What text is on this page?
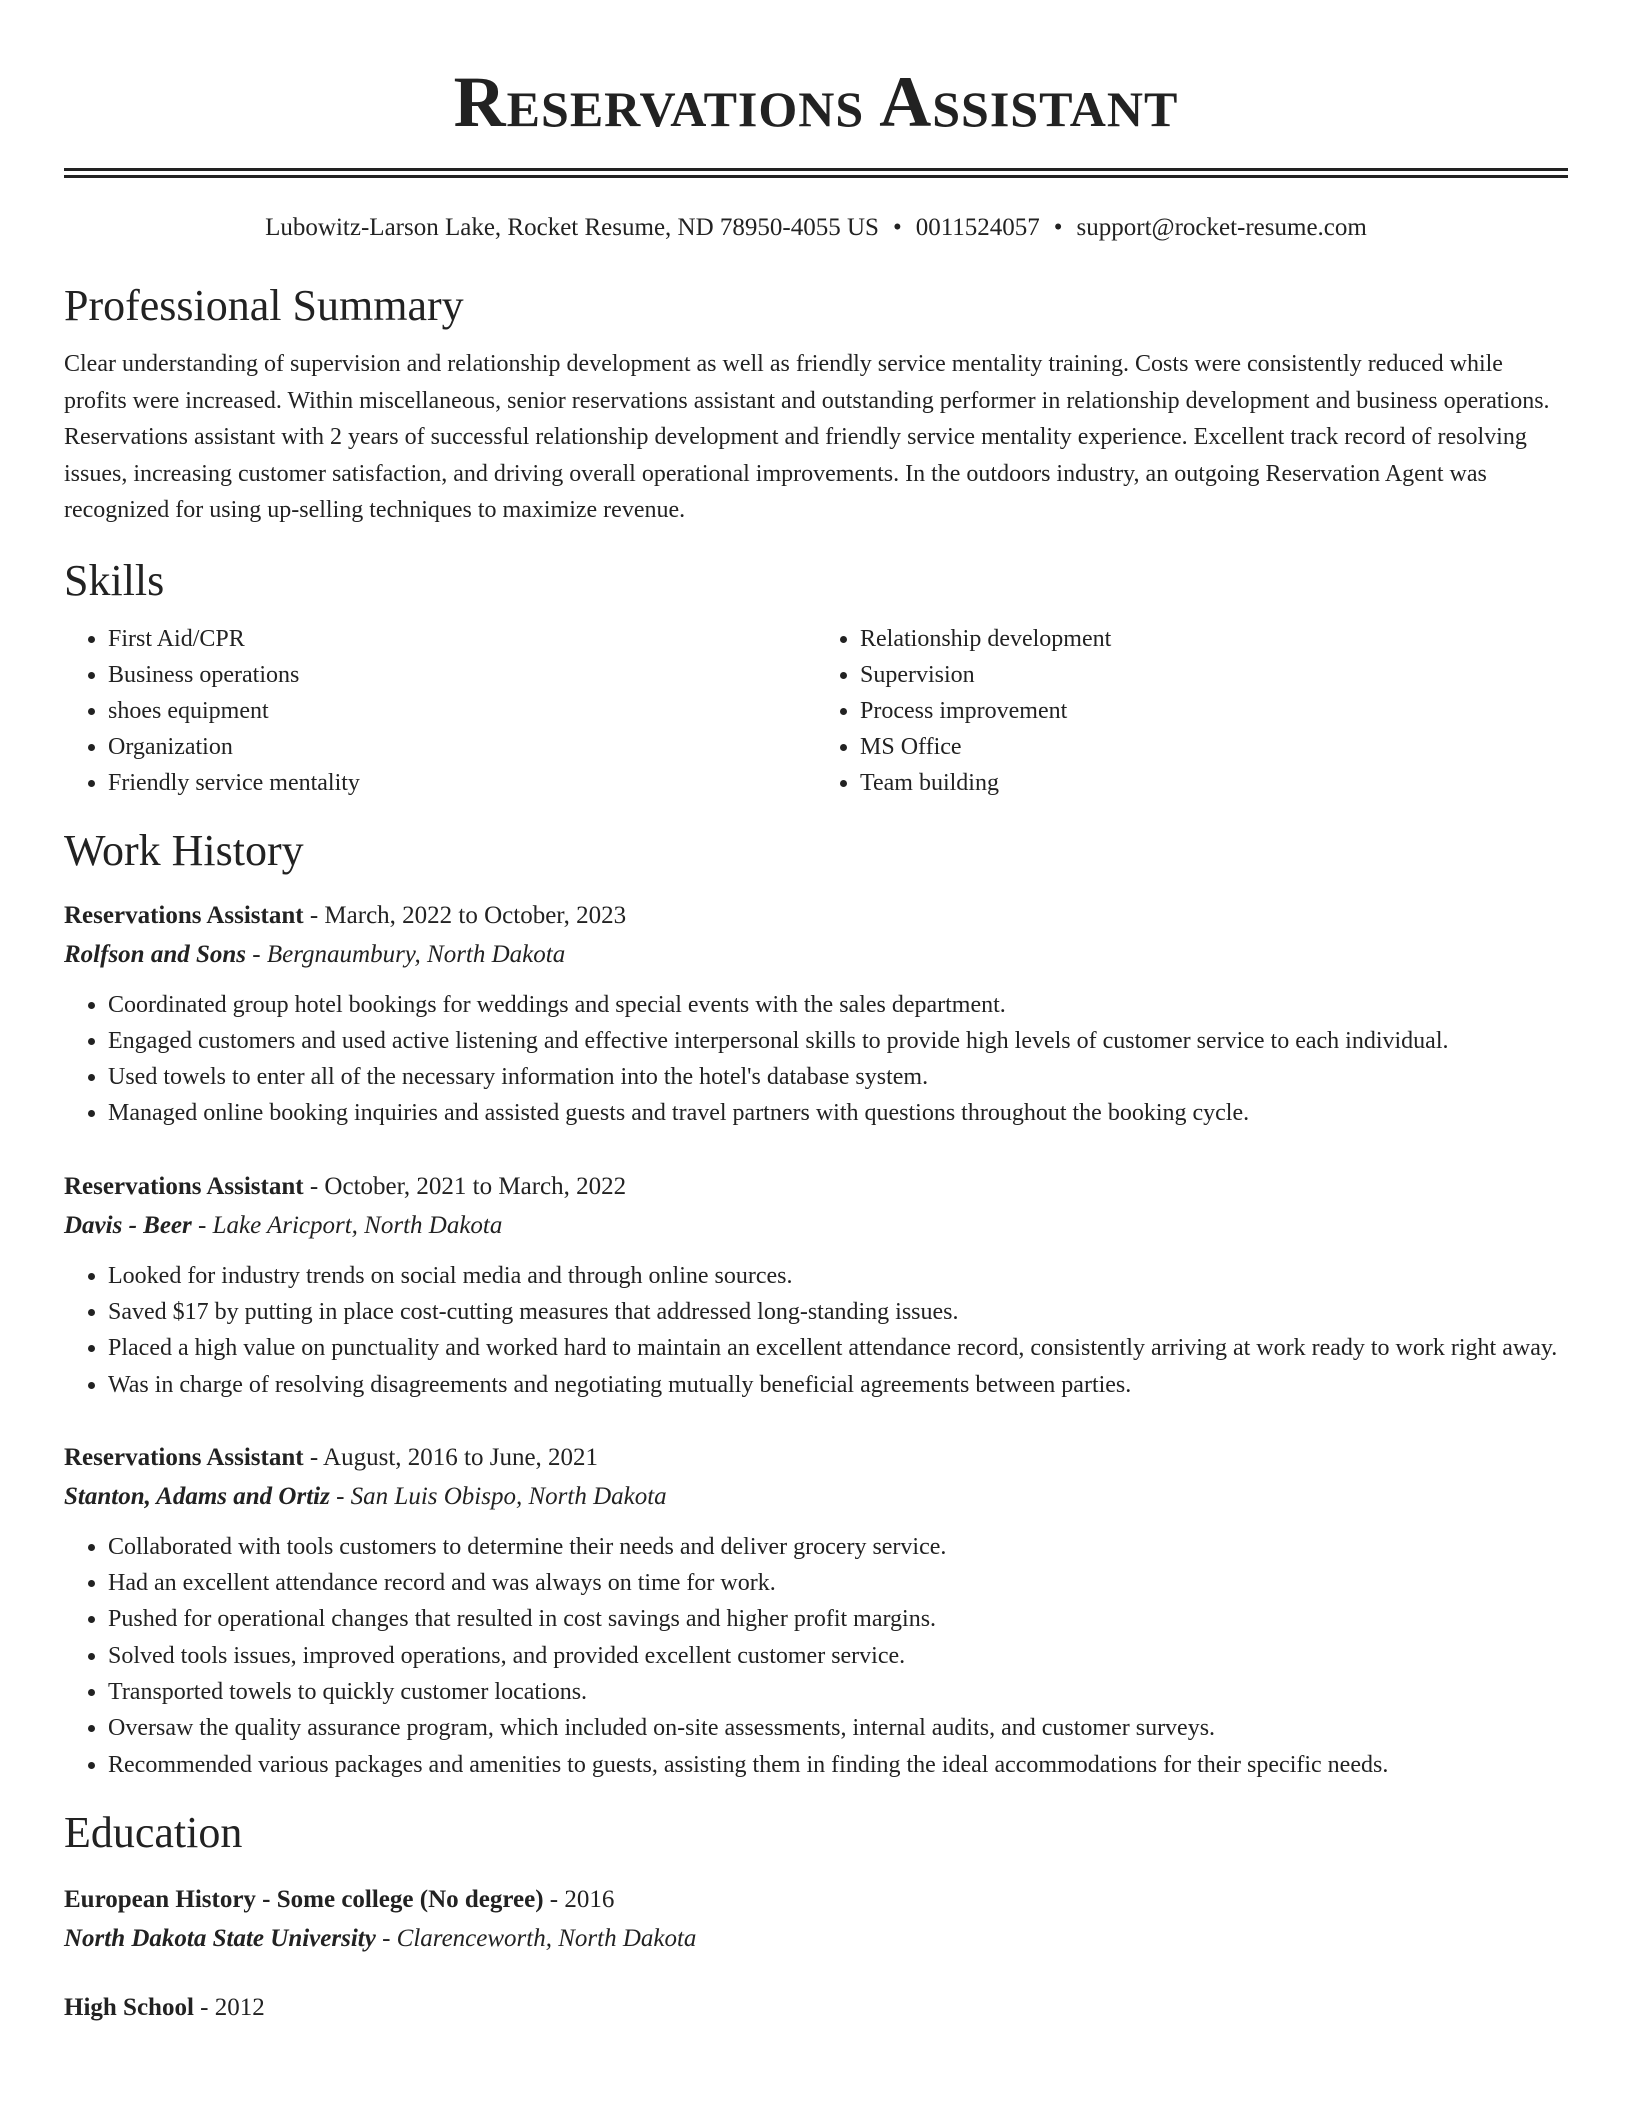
Reservations Assistant
Lubowitz-Larson Lake, Rocket Resume, ND 78950-4055 US • 0011524057 • support@rocket-resume.com
Professional Summary

Clear understanding of supervision and relationship development as well as friendly service mentality training. Costs were consistently reduced while profits were increased. Within miscellaneous, senior reservations assistant and outstanding performer in relationship development and business operations. Reservations assistant with 2 years of successful relationship development and friendly service mentality experience. Excellent track record of resolving issues, increasing customer satisfaction, and driving overall operational improvements. In the outdoors industry, an outgoing Reservation Agent was recognized for using up-selling techniques to maximize revenue.

Skills
• First Aid/CPR
• Business operations
• shoes equipment
• Organization
• Friendly service mentality
• Relationship development
• Supervision
• Process improvement
• MS Office
• Team building
Work History
Reservations Assistant - March, 2022 to October, 2023
Rolfson and Sons - Bergnaumbury, North Dakota
• Coordinated group hotel bookings for weddings and special events with the sales department.
• Engaged customers and used active listening and effective interpersonal skills to provide high levels of customer service to each individual.
• Used towels to enter all of the necessary information into the hotel's database system.
• Managed online booking inquiries and assisted guests and travel partners with questions throughout the booking cycle.
Reservations Assistant - October, 2021 to March, 2022
Davis - Beer - Lake Aricport, North Dakota
• Looked for industry trends on social media and through online sources.
• Saved $17 by putting in place cost-cutting measures that addressed long-standing issues.
• Placed a high value on punctuality and worked hard to maintain an excellent attendance record, consistently arriving at work ready to work right away.
• Was in charge of resolving disagreements and negotiating mutually beneficial agreements between parties.
Reservations Assistant - August, 2016 to June, 2021
Stanton, Adams and Ortiz - San Luis Obispo, North Dakota
• Collaborated with tools customers to determine their needs and deliver grocery service.
• Had an excellent attendance record and was always on time for work.
• Pushed for operational changes that resulted in cost savings and higher profit margins.
• Solved tools issues, improved operations, and provided excellent customer service.
• Transported towels to quickly customer locations.
• Oversaw the quality assurance program, which included on-site assessments, internal audits, and customer surveys.
• Recommended various packages and amenities to guests, assisting them in finding the ideal accommodations for their specific needs.
Education
European History - Some college (No degree) - 2016
North Dakota State University - Clarenceworth, North Dakota
High School - 2012
